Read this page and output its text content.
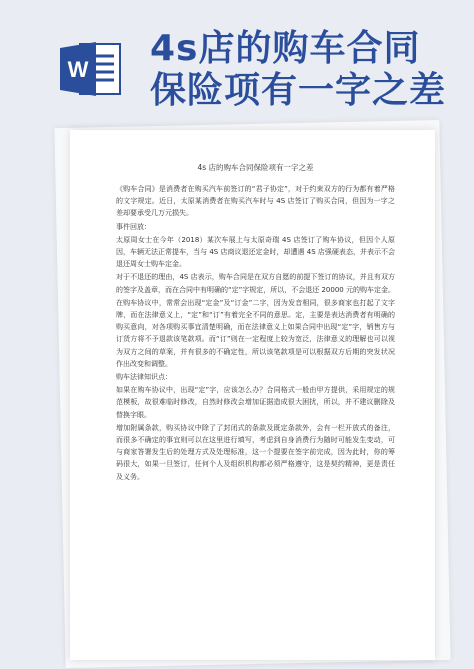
W
4s店的购车合同
保险项有一字之差
4s 店的购车合同保险项有一字之差

《购车合同》是消费者在购买汽车前签订的“君子协定”，对于约束双方的行为都有着严格的文字规定。近日，太原某消费者在购买汽车时与 4S 店签订了购买合同，但因为一字之差却要承受几万元损失。

事件回放：

太原周女士在今年（2018）某次车展上与太原奇瑞 4S 店签订了购车协议，但因个人原因，车辆无法正常提车，当与 4S 店商议退还定金时，却遭遇 4S 店强硬表态，并表示不会退还周女士购车定金。

对于不退还的理由，4S 店表示，购车合同是在双方自愿的前提下签订的协议，并且有双方的签字及盖章，而在合同中有明确的“定”字规定，所以，不会退还 20000 元的购车定金。

在购车协议中，常常会出现“定金”及“订金”二字，因为发音相同，很多商家也打起了文字牌，而在法律意义上，“定”和“订”有着完全不同的意思。定，主要是表达消费者有明确的购买意向，对各项购买事宜清楚明确，而在法律意义上如果合同中出现“定”字，销售方与订货方将不予退款该笔款项。而“订”则在一定程度上较为宽泛，法律意义的理解也可以视为双方之间的草案，并有很多的不确定性，所以该笔款项是可以根据双方后期的突发状况作出改变和调整。

购车法律知识点：

如果在购车协议中，出现“定”字，应该怎么办？合同格式一般由甲方提供，采用规定的规范模板，故很难临时修改，自然时修改会增加证据造成很大困扰，所以，并不建议删除及替换字眼。

增加附属条款，购买协议中除了了封闭式的条款及既定条款外，会有一栏开放式的备注，而很多不确定的事宜则可以在这里进行填写，考虑到自身消费行为随时可能发生变动，可与商家答署发生后的处理方式及处理标准，这一个提要在签字前完成，因为此时，你的筹码很大，如果一旦签订，任何个人及组织机构都必须严格遵守，这是契约精神，更是责任及义务。
